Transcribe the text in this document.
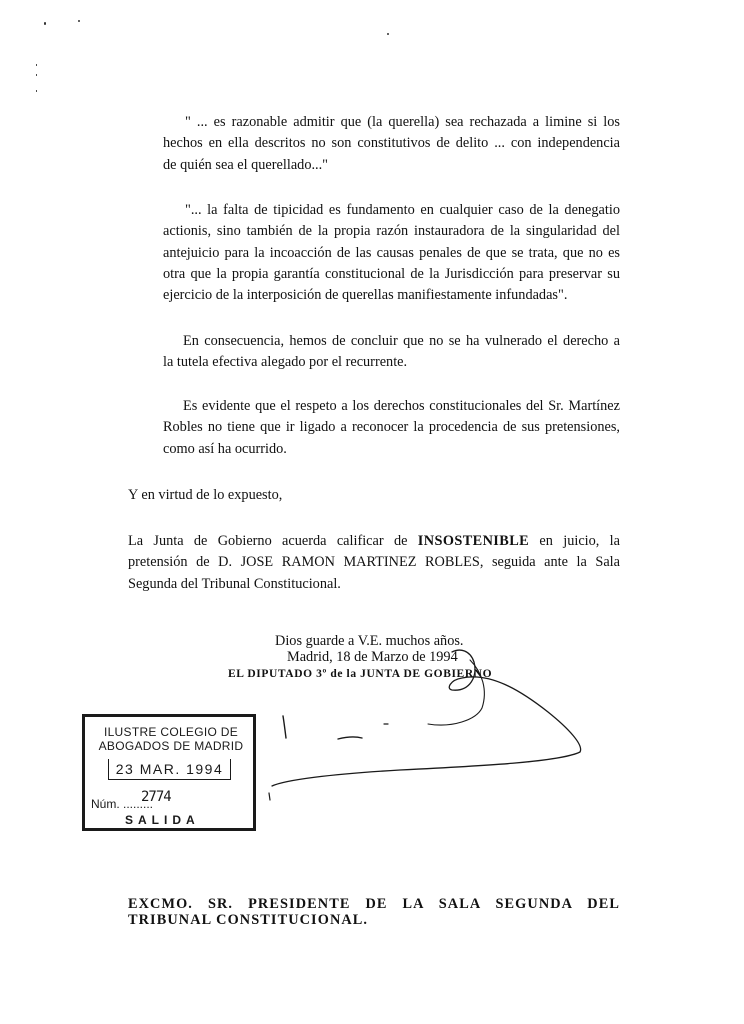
" ... es razonable admitir que (la querella) sea rechazada a limine si los
hechos en ella descritos no son constitutivos de delito ... con independencia
de quién sea el querellado..."

"... la falta de tipicidad es fundamento en cualquier caso de la denegatio
actionis, sino también de la propia razón instauradora de la singularidad del
antejuicio para la incoacción de las causas penales de que se trata, que no es
otra que la propia garantía constitucional de la Jurisdicción para preservar su
ejercicio de la interposición de querellas manifiestamente infundadas".

En consecuencia, hemos de concluir que no se ha vulnerado el derecho a
la tutela efectiva alegado por el recurrente.

Es evidente que el respeto a los derechos constitucionales del Sr. Martínez
Robles no tiene que ir ligado a reconocer la procedencia de sus pretensiones,
como así ha ocurrido.

Y en virtud de lo expuesto,

La Junta de Gobierno acuerda calificar de INSOSTENIBLE en juicio, la
pretensión de D. JOSE RAMON MARTINEZ ROBLES, seguida ante la Sala
Segunda del Tribunal Constitucional.

Dios guarde a V.E. muchos años.
Madrid, 18 de Marzo de 1994
EL DIPUTADO 3º de la JUNTA DE GOBIERNO
ILUSTRE COLEGIO DE
ABOGADOS DE MADRID
23 MAR. 1994
Núm. .........
2774
SALIDA
EXCMO. SR. PRESIDENTE DE LA SALA SEGUNDA DEL
TRIBUNAL CONSTITUCIONAL.
